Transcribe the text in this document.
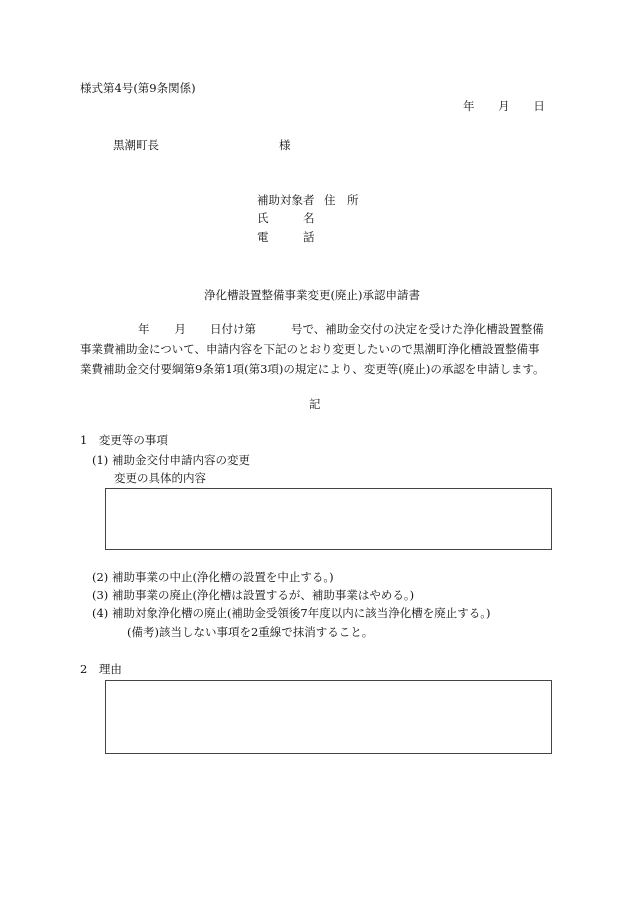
様式第4号(第9条関係)
年 月 日
黒潮町長	様
補助対象者 住　所
氏　　　名
電　　　話
浄化槽設置整備事業変更(廃止)承認申請書
年 月 日付け第	号で、補助金交付の決定を受けた浄化槽設置整備
事業費補助金について、申請内容を下記のとおり変更したいので黒潮町浄化槽設置整備事
業費補助金交付要綱第9条第1項(第3項)の規定により、変更等(廃止)の承認を申請します。
記
1　変更等の事項
(1) 補助金交付申請内容の変更
変更の具体的内容
(2) 補助事業の中止(浄化槽の設置を中止する。)
(3) 補助事業の廃止(浄化槽は設置するが、補助事業はやめる。)
(4) 補助対象浄化槽の廃止(補助金受領後7年度以内に該当浄化槽を廃止する。)
(備考)該当しない事項を2重線で抹消すること。
2　理由
